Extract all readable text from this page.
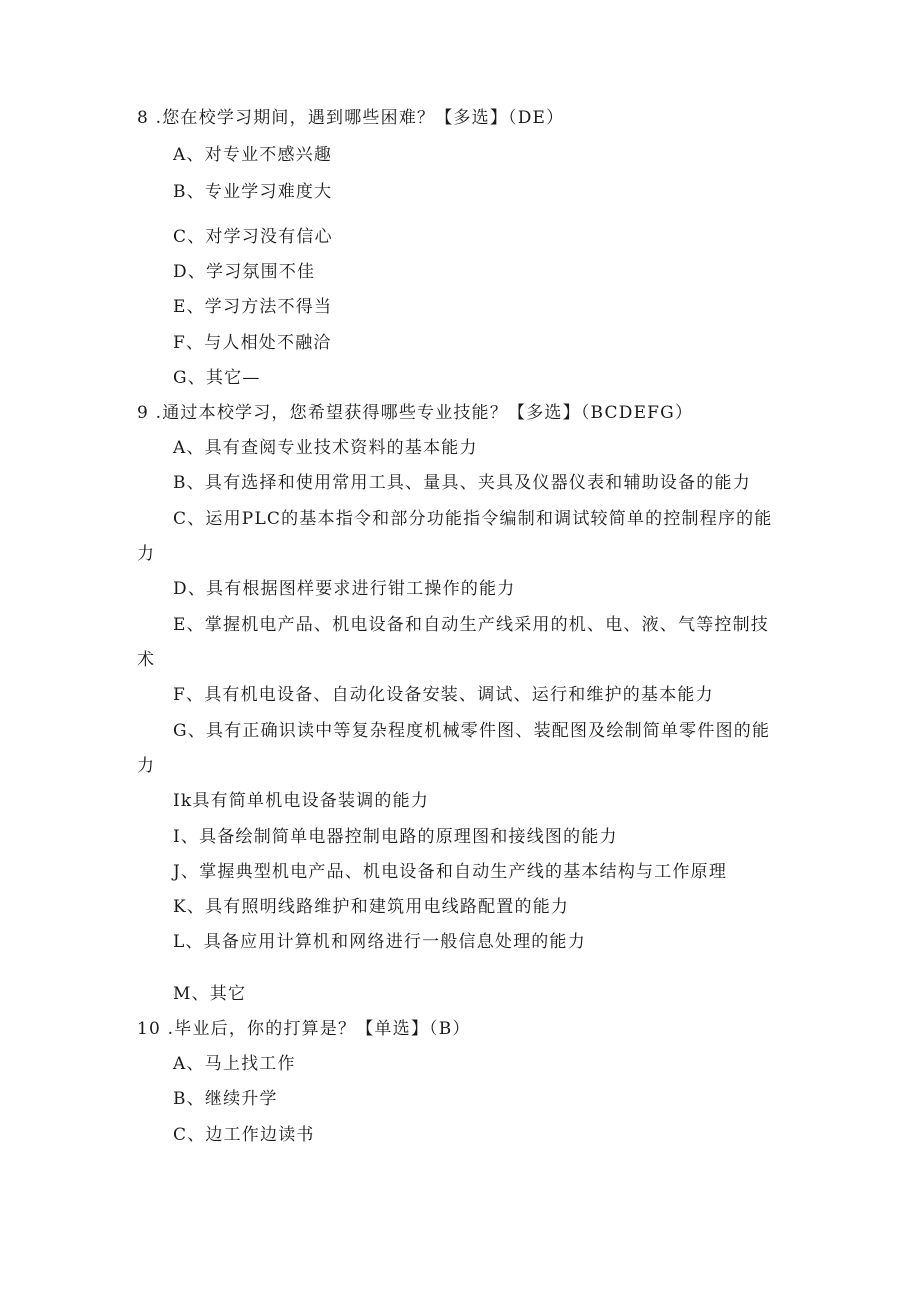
8 .您在校学习期间，遇到哪些困难？【多选】（DE）
A、对专业不感兴趣
B、专业学习难度大
C、对学习没有信心
D、学习氛围不佳
E、学习方法不得当
F、与人相处不融洽
G、其它—
9 .通过本校学习，您希望获得哪些专业技能？【多选】（BCDEFG）
A、具有查阅专业技术资料的基本能力
B、具有选择和使用常用工具、量具、夹具及仪器仪表和辅助设备的能力
C、运用PLC的基本指令和部分功能指令编制和调试较简单的控制程序的能
力
D、具有根据图样要求进行钳工操作的能力
E、掌握机电产品、机电设备和自动生产线采用的机、电、液、气等控制技
术
F、具有机电设备、自动化设备安装、调试、运行和维护的基本能力
G、具有正确识读中等复杂程度机械零件图、装配图及绘制简单零件图的能
力
Ik具有简单机电设备装调的能力
I、具备绘制简单电器控制电路的原理图和接线图的能力
J、掌握典型机电产品、机电设备和自动生产线的基本结构与工作原理
K、具有照明线路维护和建筑用电线路配置的能力
L、具备应用计算机和网络进行一般信息处理的能力
M、其它
10 .毕业后，你的打算是？【单选】（B）
A、马上找工作
B、继续升学
C、边工作边读书
